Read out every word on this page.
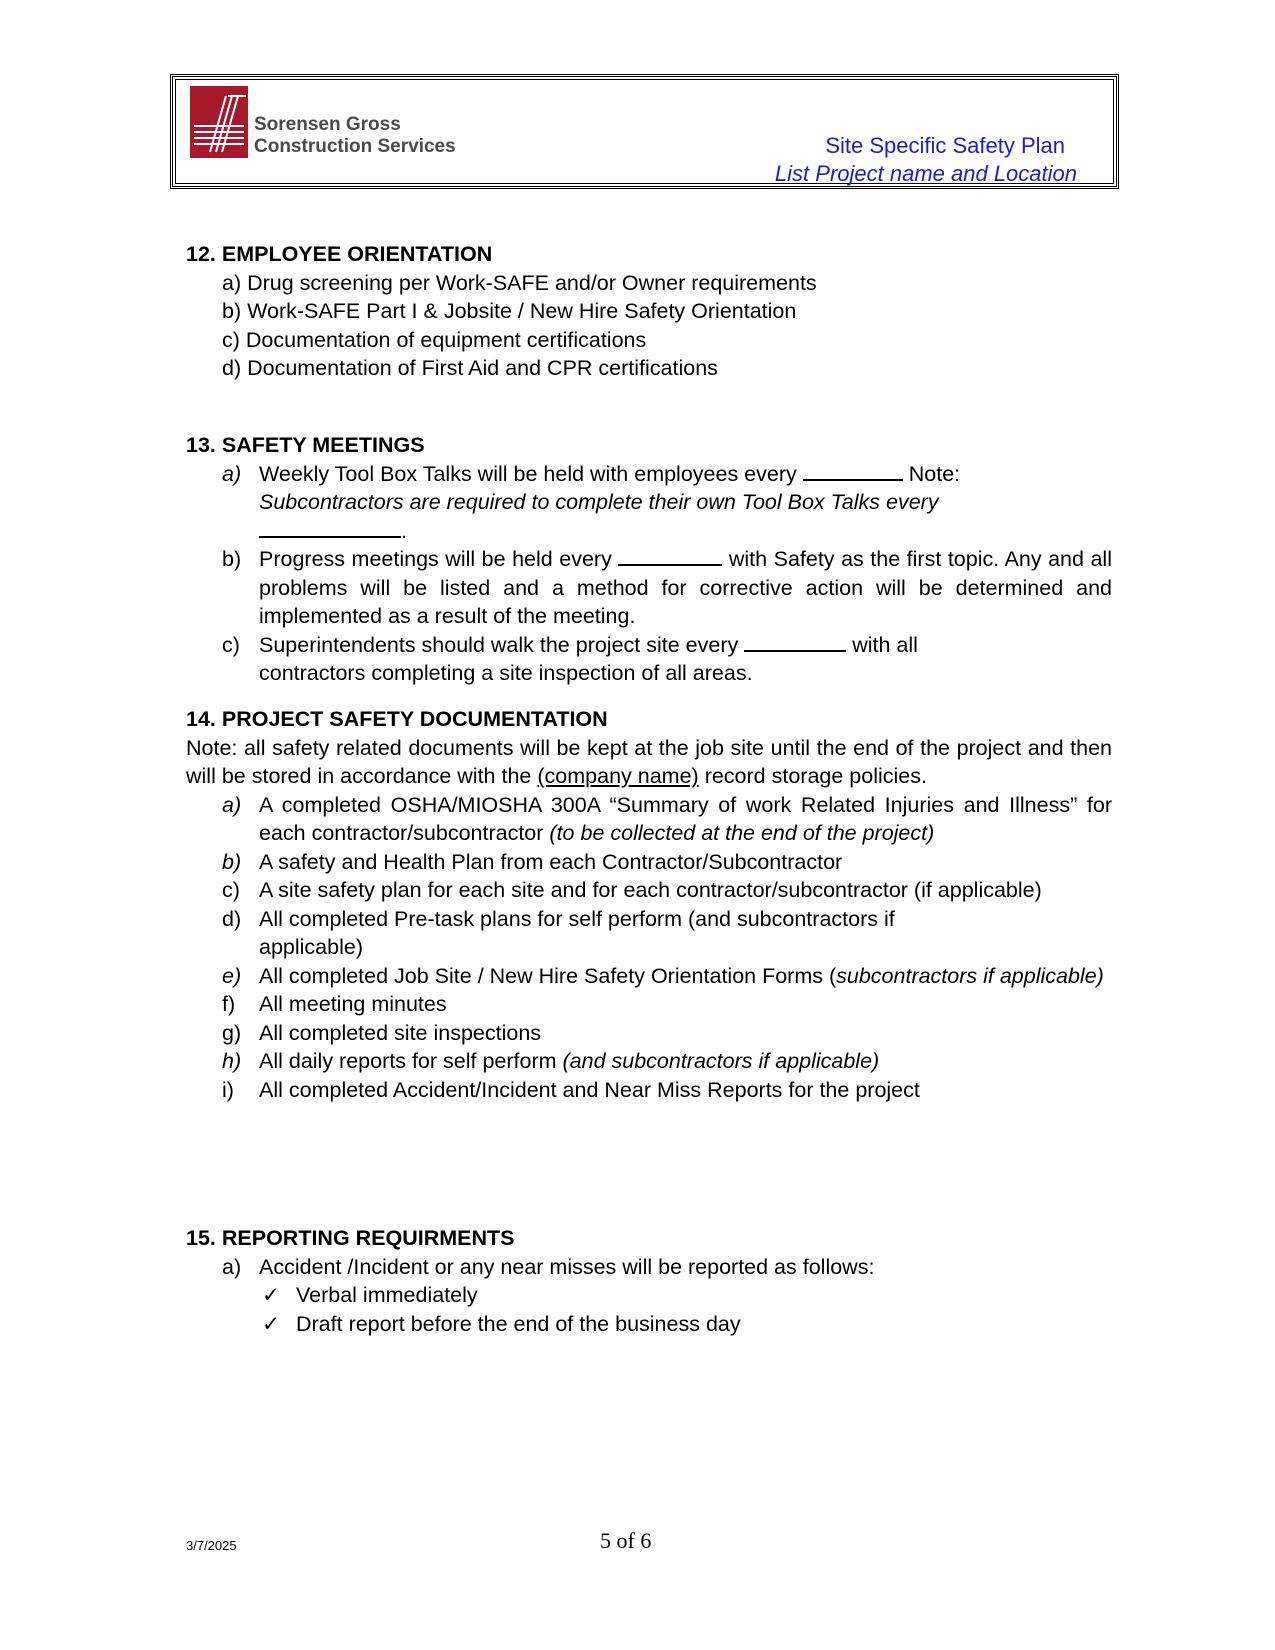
Sorensen Gross
Construction Services	Site Specific Safety Plan
List Project name and Location
12. EMPLOYEE ORIENTATION
a) Drug screening per Work-SAFE and/or Owner requirements
b) Work-SAFE Part I & Jobsite / New Hire Safety Orientation
c) Documentation of equipment certifications
d) Documentation of First Aid and CPR certifications
13. SAFETY MEETINGS
a) Weekly Tool Box Talks will be held with employees every	Note:
Subcontractors are required to complete their own Tool Box Talks every
.
b) Progress meetings will be held every	with Safety as the first topic. Any and all problems will be listed and a method for corrective action will be determined and implemented as a result of the meeting.
c) Superintendents should walk the project site every	with all
contractors completing a site inspection of all areas.
14. PROJECT SAFETY DOCUMENTATION
Note: all safety related documents will be kept at the job site until the end of the project and then will be stored in accordance with the (company name) record storage policies.
a) A completed OSHA/MIOSHA 300A “Summary of work Related Injuries and Illness” for each contractor/subcontractor (to be collected at the end of the project)
b) A safety and Health Plan from each Contractor/Subcontractor
c) A site safety plan for each site and for each contractor/subcontractor (if applicable)
d) All completed Pre-task plans for self perform (and subcontractors if
applicable)
e) All completed Job Site / New Hire Safety Orientation Forms (subcontractors if applicable)
f) All meeting minutes
g) All completed site inspections
h) All daily reports for self perform (and subcontractors if applicable)
i) All completed Accident/Incident and Near Miss Reports for the project
15. REPORTING REQUIRMENTS
a) Accident /Incident or any near misses will be reported as follows:
✓ Verbal immediately
✓ Draft report before the end of the business day
3/7/2025	5 of 6
